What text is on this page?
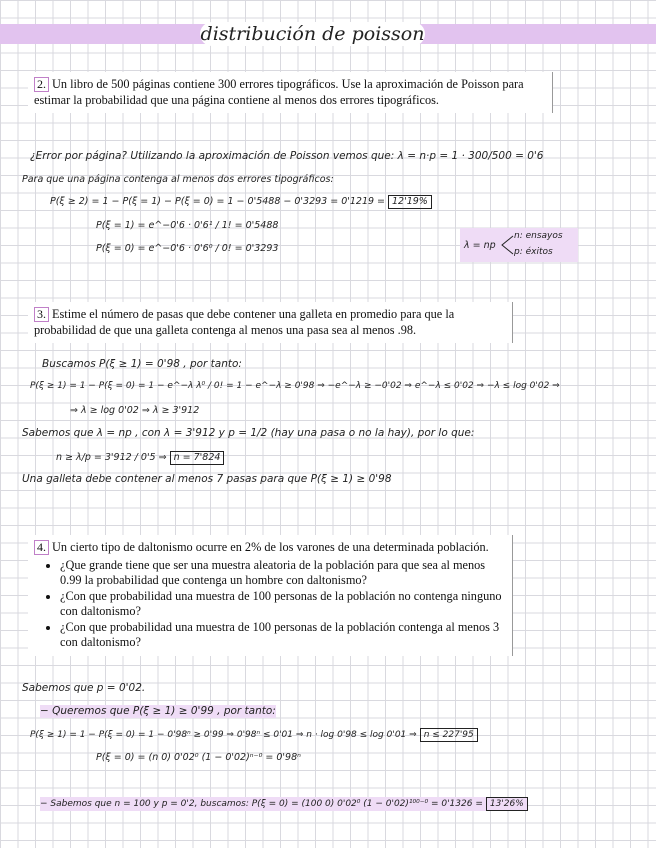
distribución de poisson
2. Un libro de 500 páginas contiene 300 errores tipográficos. Use la aproximación de Poisson para estimar la probabilidad que una página contiene al menos dos errores tipográficos.
¿Error por página? Utilizando la aproximación de Poisson vemos que: λ = n·p = 1 · 300/500 = 0'6
Para que una página contenga al menos dos errores tipográficos:
P(ξ ≥ 2) = 1 − P(ξ = 1) − P(ξ = 0) = 1 − 0'5488 − 0'3293 = 0'1219 = 12'19%
P(ξ = 1) = e^−0'6 · 0'6¹ / 1! = 0'5488
P(ξ = 0) = e^−0'6 · 0'6⁰ / 0! = 0'3293	λ = np
n: ensayos
p: éxitos
3. Estime el número de pasas que debe contener una galleta en promedio para que la probabilidad de que una galleta contenga al menos una pasa sea al menos .98.
Buscamos P(ξ ≥ 1) = 0'98 , por tanto:
P(ξ ≥ 1) = 1 − P(ξ = 0) = 1 − e^−λ λ⁰ / 0! = 1 − e^−λ ≥ 0'98 ⇒ −e^−λ ≥ −0'02 ⇒ e^−λ ≤ 0'02 ⇒ −λ ≤ log 0'02 ⇒
⇒ λ ≥ log 0'02 ⇒ λ ≥ 3'912
Sabemos que λ = np , con λ = 3'912 y p = 1/2 (hay una pasa o no la hay), por lo que:
n ≥ λ/p = 3'912 / 0'5 ⇒ n = 7'824
Una galleta debe contener al menos 7 pasas para que P(ξ ≥ 1) ≥ 0'98
4. Un cierto tipo de daltonismo ocurre en 2% de los varones de una determinada población.
• ¿Que grande tiene que ser una muestra aleatoria de la población para que sea al menos 0.99 la probabilidad que contenga un hombre con daltonismo?
• ¿Con que probabilidad una muestra de 100 personas de la población no contenga ninguno con daltonismo?
• ¿Con que probabilidad una muestra de 100 personas de la población contenga al menos 3 con daltonismo?
Sabemos que p = 0'02.
− Queremos que P(ξ ≥ 1) ≥ 0'99 , por tanto:
P(ξ ≥ 1) = 1 − P(ξ = 0) = 1 − 0'98ⁿ ≥ 0'99 ⇒ 0'98ⁿ ≤ 0'01 ⇒ n · log 0'98 ≤ log 0'01 ⇒ n ≤ 227'95
P(ξ = 0) = (n 0) 0'02⁰ (1 − 0'02)ⁿ⁻⁰ = 0'98ⁿ
− Sabemos que n = 100 y p = 0'2, buscamos: P(ξ = 0) = (100 0) 0'02⁰ (1 − 0'02)¹⁰⁰⁻⁰ = 0'1326 = 13'26%
